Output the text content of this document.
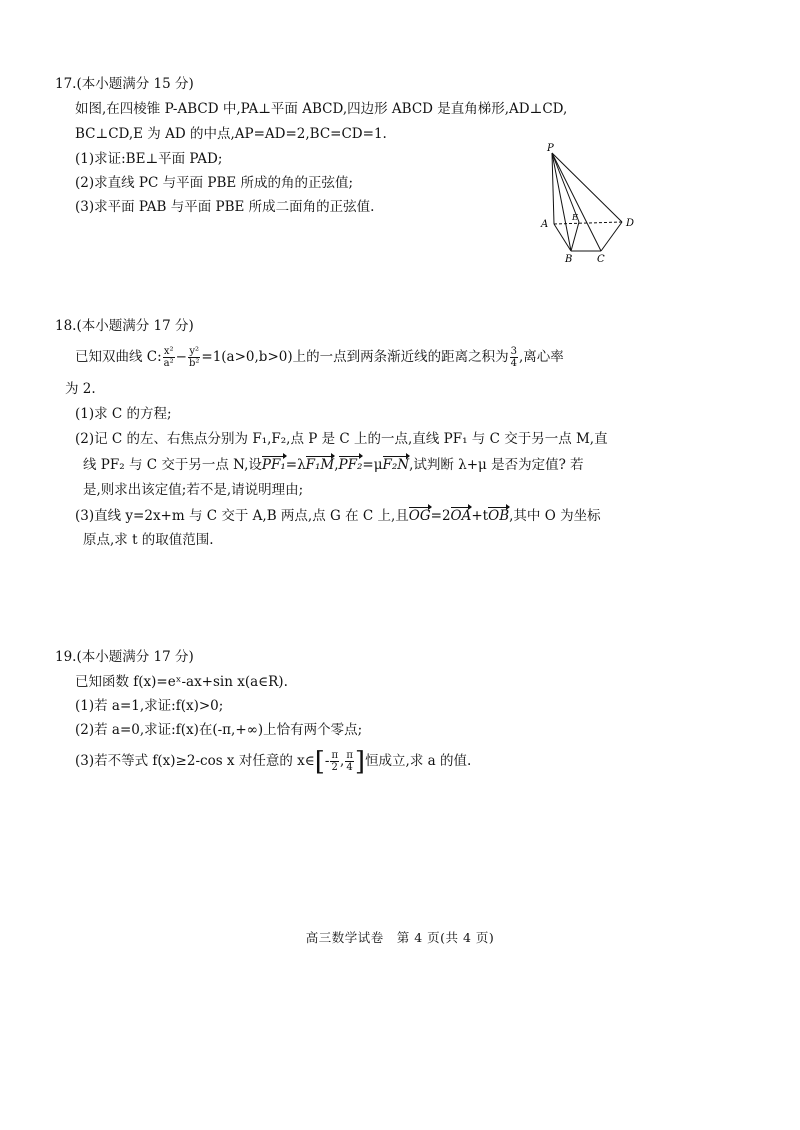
17.(本小题满分 15 分)
如图,在四棱锥 P-ABCD 中,PA⊥平面 ABCD,四边形 ABCD 是直角梯形,AD⊥CD,
BC⊥CD,E 为 AD 的中点,AP=AD=2,BC=CD=1.
(1)求证:BE⊥平面 PAD;
(2)求直线 PC 与平面 PBE 所成的角的正弦值;
(3)求平面 PAB 与平面 PBE 所成二面角的正弦值.
P
A
E
D
B C
18.(本小题满分 17 分)
已知双曲线 C: $\frac{\text{x²}}{\text{a²}} - \frac{\text{y²}}{\text{b²}} =1(a>0,b>0)$上的一点到两条渐近线的距离之积为 $\frac{3}{4}$ ,离心率
为 2.
(1)求 C 的方程;
(2)记 C 的左、右焦点分别为 F₁,F₂,点 P 是 C 上的一点,直线 PF₁ 与 C 交于另一点 M,直
线 PF₂ 与 C 交于另一点 N,设PF₁=λF₁M,PF₂=μF₂N,试判断 λ+μ 是否为定值? 若
是,则求出该定值;若不是,请说明理由;
(3)直线 y=2x+m 与 C 交于 A,B 两点,点 G 在 C 上,且OG=2OA+tOB,其中 O 为坐标
原点,求 t 的取值范围.
19.(本小题满分 17 分)
已知函数 f(x)=eˣ-ax+sin x(a∈R).
(1)若 a=1,求证:f(x)>0;
(2)若 a=0,求证:f(x)在(-π,+∞)上恰有两个零点;
(3)若不等式 f(x)≥2-cos x 对任意的 x∈[- $\frac{\pi}{2}$ , $\frac{\pi}{4}$ ]恒成立,求 a 的值.
高三数学试卷　第 4 页(共 4 页)
